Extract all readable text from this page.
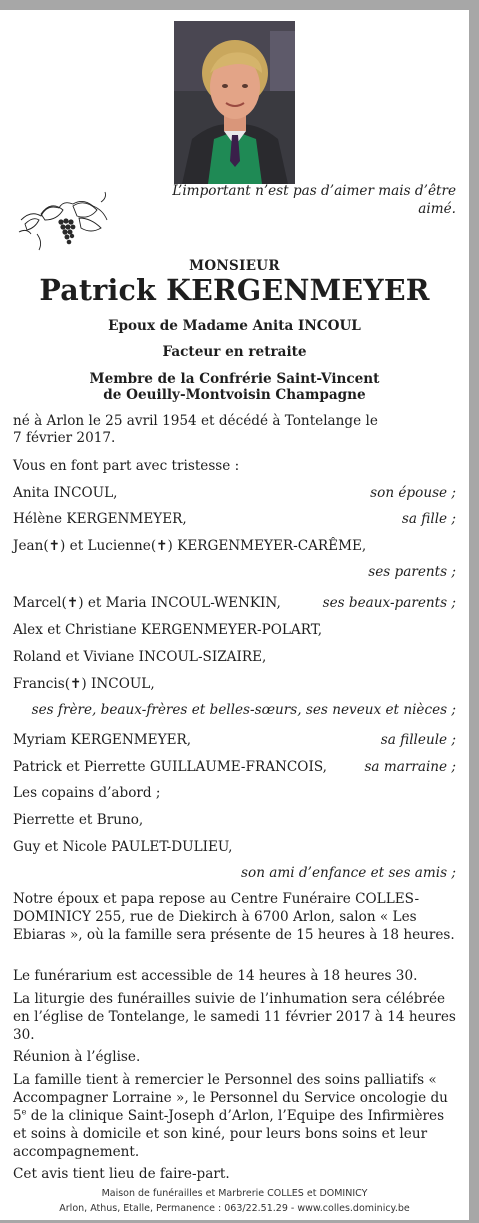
L’important n’est pas d’aimer mais d’être aimé.
MONSIEUR
Patrick KERGENMEYER
Epoux de Madame Anita INCOUL
Facteur en retraite
Membre de la Confrérie Saint-Vincent
de Oeuilly-Montvoisin Champagne
né à Arlon le 25 avril 1954 et décédé à Tontelange le
7 février 2017.
Vous en font part avec tristesse :
Anita INCOUL,	son épouse ;
Hélène KERGENMEYER,	sa fille ;
Jean(✝) et Lucienne(✝) KERGENMEYER-CARÊME,
ses parents ;
Marcel(✝) et Maria INCOUL-WENKIN,	ses beaux-parents ;
Alex et Christiane KERGENMEYER-POLART,
Roland et Viviane INCOUL-SIZAIRE,
Francis(✝) INCOUL,
ses frère, beaux-frères et belles-sœurs, ses neveux et nièces ;
Myriam KERGENMEYER,	sa filleule ;
Patrick et Pierrette GUILLAUME-FRANCOIS,	sa marraine ;
Les copains d’abord ;
Pierrette et Bruno,
Guy et Nicole PAULET-DULIEU,
son ami d’enfance et ses amis ;
Notre époux et papa repose au Centre Funéraire COLLES-DOMINICY 255, rue de Diekirch à 6700 Arlon, salon « Les Ebiaras », où la famille sera présente de 15 heures à 18 heures.
Le funérarium est accessible de 14 heures à 18 heures 30.
La liturgie des funérailles suivie de l’inhumation sera célébrée en l’église de Tontelange, le samedi 11 février 2017 à 14 heures 30.
Réunion à l’église.
La famille tient à remercier le Personnel des soins palliatifs « Accompagner Lorraine », le Personnel du Service oncologie du 5e de la clinique Saint-Joseph d’Arlon, l’Equipe des Infirmières et soins à domicile et son kiné, pour leurs bons soins et leur accompagnement.
Cet avis tient lieu de faire-part.
Maison de funérailles et Marbrerie COLLES et DOMINICY
Arlon, Athus, Etalle, Permanence : 063/22.51.29 - www.colles.dominicy.be
